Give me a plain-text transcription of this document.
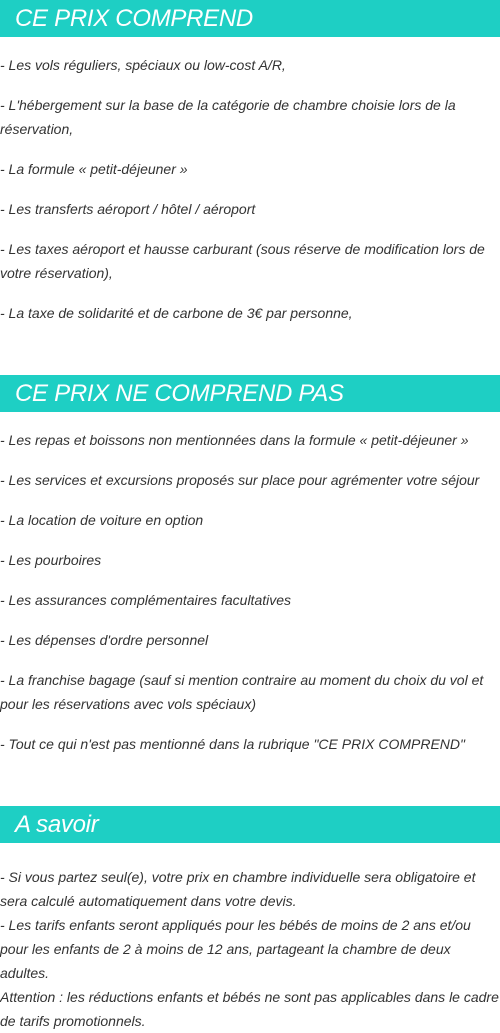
CE PRIX COMPREND

- Les vols réguliers, spéciaux ou low-cost A/R,

- L'hébergement sur la base de la catégorie de chambre choisie lors de la réservation,

- La formule « petit-déjeuner »

- Les transferts aéroport / hôtel / aéroport

- Les taxes aéroport et hausse carburant (sous réserve de modification lors de votre réservation),

- La taxe de solidarité et de carbone de 3€ par personne,

CE PRIX NE COMPREND PAS

- Les repas et boissons non mentionnées dans la formule « petit-déjeuner »

- Les services et excursions proposés sur place pour agrémenter votre séjour

- La location de voiture en option

- Les pourboires

- Les assurances complémentaires facultatives

- Les dépenses d'ordre personnel

- La franchise bagage (sauf si mention contraire au moment du choix du vol et pour les réservations avec vols spéciaux)

- Tout ce qui n'est pas mentionné dans la rubrique "CE PRIX COMPREND"

A savoir

- Si vous partez seul(e), votre prix en chambre individuelle sera obligatoire et sera calculé automatiquement dans votre devis.

- Les tarifs enfants seront appliqués pour les bébés de moins de 2 ans et/ou pour les enfants de 2 à moins de 12 ans, partageant la chambre de deux adultes.

Attention : les réductions enfants et bébés ne sont pas applicables dans le cadre de tarifs promotionnels.
